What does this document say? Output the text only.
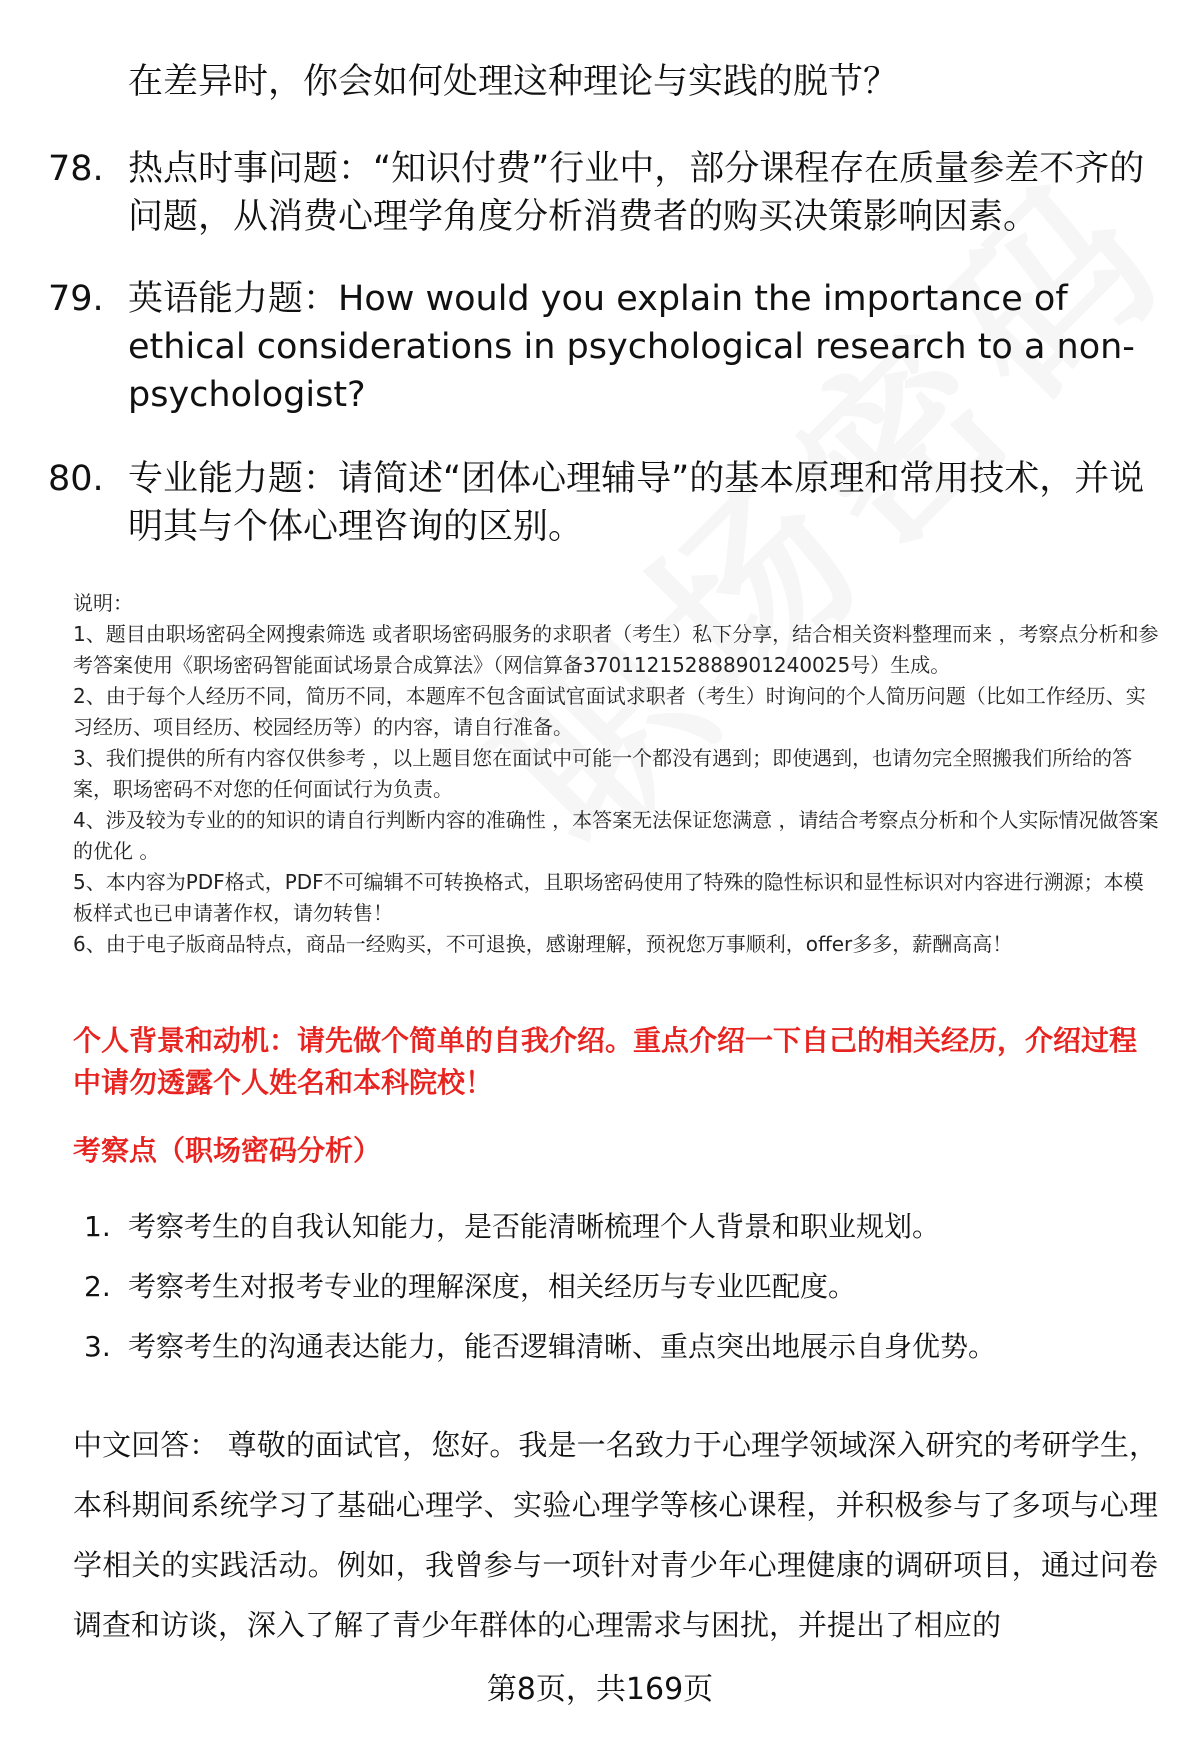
在差异时，你会如何处理这种理论与实践的脱节？
78. 热点时事问题：“知识付费”行业中，部分课程存在质量参差不齐的问题，从消费心理学角度分析消费者的购买决策影响因素。
79. 英语能力题：How would you explain the importance of ethical considerations in psychological research to a non-psychologist?
80. 专业能力题：请简述“团体心理辅导”的基本原理和常用技术，并说明其与个体心理咨询的区别。

说明：

1、题目由职场密码全网搜索筛选 或者职场密码服务的求职者（考生）私下分享，结合相关资料整理而来 ，考察点分析和参考答案使用《职场密码智能面试场景合成算法》（网信算备370112152888901240025号）生成。

2、由于每个人经历不同，简历不同，本题库不包含面试官面试求职者（考生）时询问的个人简历问题（比如工作经历、实习经历、项目经历、校园经历等）的内容，请自行准备。

3、我们提供的所有内容仅供参考 ，以上题目您在面试中可能一个都没有遇到；即使遇到，也请勿完全照搬我们所给的答案，职场密码不对您的任何面试行为负责。

4、涉及较为专业的的知识的请自行判断内容的准确性 ，本答案无法保证您满意 ，请结合考察点分析和个人实际情况做答案的优化 。

5、本内容为PDF格式，PDF不可编辑不可转换格式，且职场密码使用了特殊的隐性标识和显性标识对内容进行溯源；本模板样式也已申请著作权，请勿转售！

6、由于电子版商品特点，商品一经购买，不可退换，感谢理解，预祝您万事顺利，offer多多，薪酬高高！

个人背景和动机：请先做个简单的自我介绍。重点介绍一下自己的相关经历，介绍过程中请勿透露个人姓名和本科院校！
考察点（职场密码分析）
1. 考察考生的自我认知能力，是否能清晰梳理个人背景和职业规划。
2. 考察考生对报考专业的理解深度，相关经历与专业匹配度。
3. 考察考生的沟通表达能力，能否逻辑清晰、重点突出地展示自身优势。
中文回答： 尊敬的面试官，您好。我是一名致力于心理学领域深入研究的考研学生，本科期间系统学习了基础心理学、实验心理学等核心课程，并积极参与了多项与心理学相关的实践活动。例如，我曾参与一项针对青少年心理健康的调研项目，通过问卷调查和访谈，深入了解了青少年群体的心理需求与困扰，并提出了相应的
第8页，共169页
